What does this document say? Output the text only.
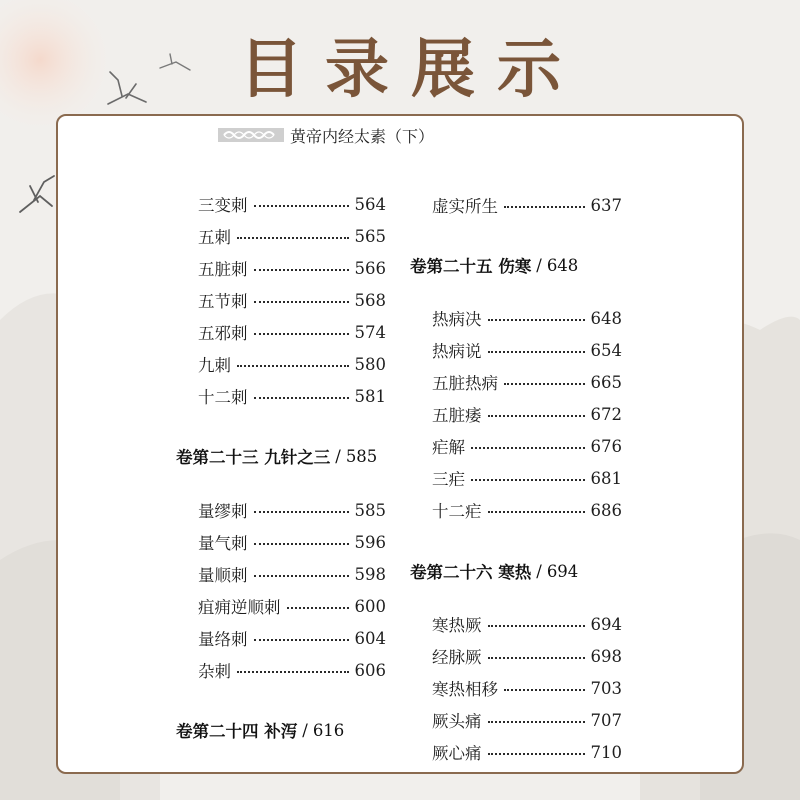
目录展示
黄帝内经太素（下）
三变刺	564
五刺	565
五脏刺	566
五节刺	568
五邪刺	574
九刺	580
十二刺	581
卷第二十三 九针之三 / 585
量缪刺	585
量气刺	596
量顺刺	598
疽痈逆顺刺	600
量络刺	604
杂刺	606
卷第二十四 补泻 / 616
虚实所生	637
卷第二十五 伤寒 / 648
热病决	648
热病说	654
五脏热病	665
五脏痿	672
疟解	676
三疟	681
十二疟	686
卷第二十六 寒热 / 694
寒热厥	694
经脉厥	698
寒热相移	703
厥头痛	707
厥心痛	710
